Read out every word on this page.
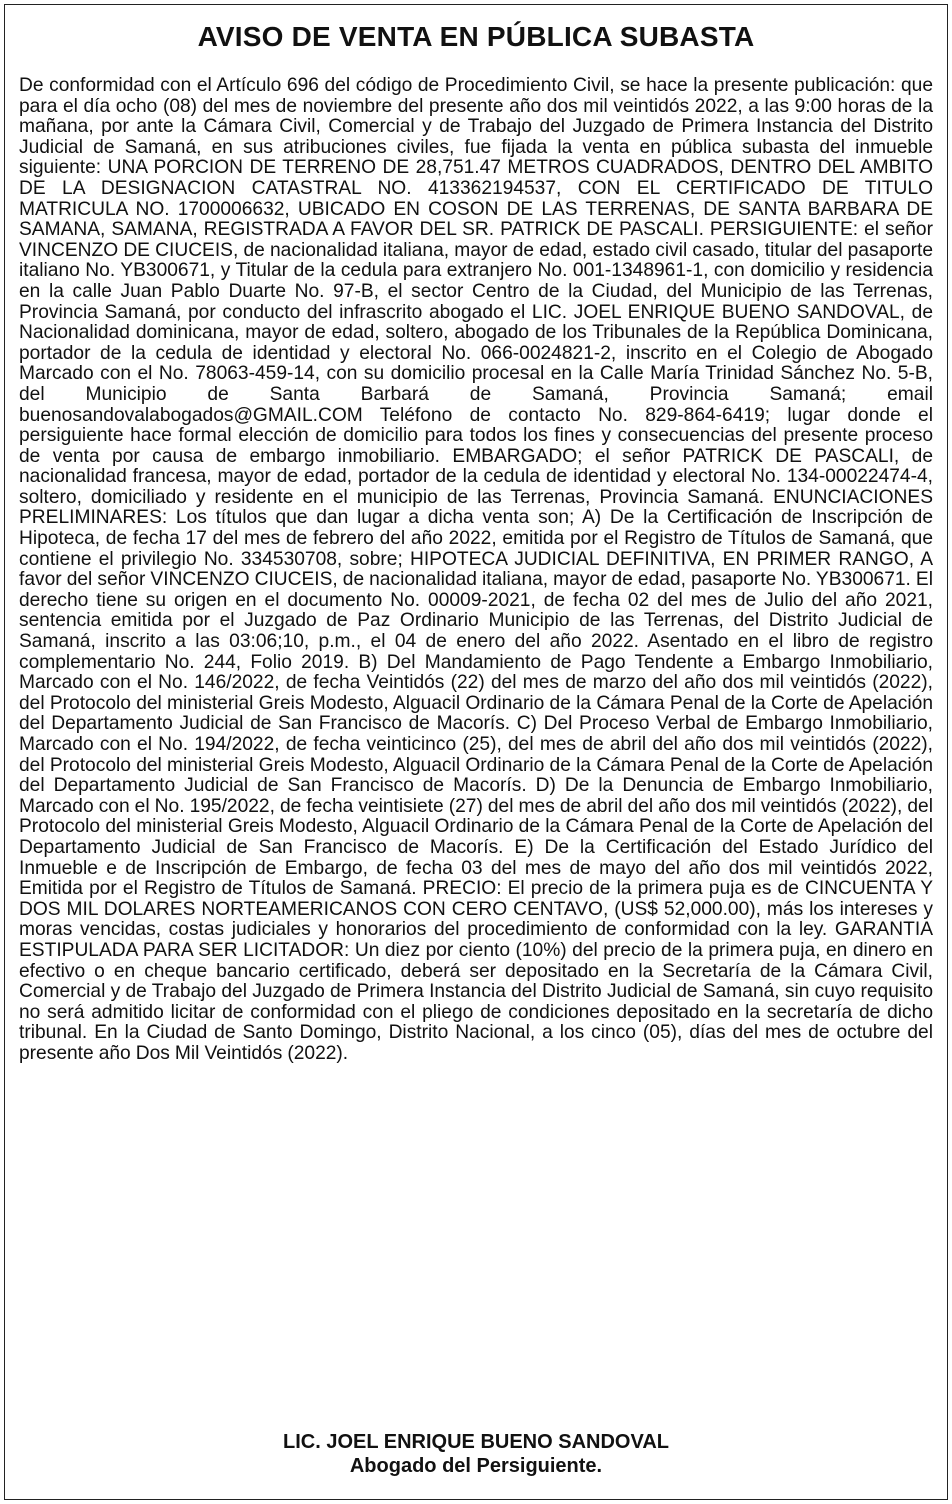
AVISO DE VENTA EN PÚBLICA SUBASTA
De conformidad con el Artículo 696 del código de Procedimiento Civil, se hace la presente publicación: que para el día ocho (08) del mes de noviembre del presente año dos mil veintidós 2022, a las 9:00 horas de la mañana, por ante la Cámara Civil, Comercial y de Trabajo del Juzgado de Primera Instancia del Distrito Judicial de Samaná, en sus atribuciones civiles, fue fijada la venta en pública subasta del inmueble siguiente: UNA PORCION DE TERRENO DE 28,751.47 METROS CUADRADOS, DENTRO DEL AMBITO DE LA DESIGNACION CATASTRAL NO. 413362194537, CON EL CERTIFICADO DE TITULO MATRICULA NO. 1700006632, UBICADO EN COSON DE LAS TERRENAS, DE SANTA BARBARA DE SAMANA, SAMANA, REGISTRADA A FAVOR DEL SR. PATRICK DE PASCALI. PERSIGUIENTE: el señor VINCENZO DE CIUCEIS, de nacionalidad italiana, mayor de edad, estado civil casado, titular del pasaporte italiano No. YB300671, y Titular de la cedula para extranjero No. 001-1348961-1, con domicilio y residencia en la calle Juan Pablo Duarte No. 97-B, el sector Centro de la Ciudad, del Municipio de las Terrenas, Provincia Samaná, por conducto del infrascrito abogado el LIC. JOEL ENRIQUE BUENO SANDOVAL, de Nacionalidad dominicana, mayor de edad, soltero, abogado de los Tribunales de la República Dominicana, portador de la cedula de identidad y electoral No. 066-0024821-2, inscrito en el Colegio de Abogado Marcado con el No. 78063-459-14, con su domicilio procesal en la Calle María Trinidad Sánchez No. 5-B, del Municipio de Santa Barbará de Samaná, Provincia Samaná; email buenosandovalabogados@GMAIL.COM Teléfono de contacto No. 829-864-6419; lugar donde el persiguiente hace formal elección de domicilio para todos los fines y consecuencias del presente proceso de venta por causa de embargo inmobiliario. EMBARGADO; el señor PATRICK DE PASCALI, de nacionalidad francesa, mayor de edad, portador de la cedula de identidad y electoral No. 134-00022474-4, soltero, domiciliado y residente en el municipio de las Terrenas, Provincia Samaná. ENUNCIACIONES PRELIMINARES: Los títulos que dan lugar a dicha venta son; A) De la Certificación de Inscripción de Hipoteca, de fecha 17 del mes de febrero del año 2022, emitida por el Registro de Títulos de Samaná, que contiene el privilegio No. 334530708, sobre; HIPOTECA JUDICIAL DEFINITIVA, EN PRIMER RANGO, A favor del señor VINCENZO CIUCEIS, de nacionalidad italiana, mayor de edad, pasaporte No. YB300671. El derecho tiene su origen en el documento No. 00009-2021, de fecha 02 del mes de Julio del año 2021, sentencia emitida por el Juzgado de Paz Ordinario Municipio de las Terrenas, del Distrito Judicial de Samaná, inscrito a las 03:06;10, p.m., el 04 de enero del año 2022. Asentado en el libro de registro complementario No. 244, Folio 2019. B) Del Mandamiento de Pago Tendente a Embargo Inmobiliario, Marcado con el No. 146/2022, de fecha Veintidós (22) del mes de marzo del año dos mil veintidós (2022), del Protocolo del ministerial Greis Modesto, Alguacil Ordinario de la Cámara Penal de la Corte de Apelación del Departamento Judicial de San Francisco de Macorís. C) Del Proceso Verbal de Embargo Inmobiliario, Marcado con el No. 194/2022, de fecha veinticinco (25), del mes de abril del año dos mil veintidós (2022), del Protocolo del ministerial Greis Modesto, Alguacil Ordinario de la Cámara Penal de la Corte de Apelación del Departamento Judicial de San Francisco de Macorís. D) De la Denuncia de Embargo Inmobiliario, Marcado con el No. 195/2022, de fecha veintisiete (27) del mes de abril del año dos mil veintidós (2022), del Protocolo del ministerial Greis Modesto, Alguacil Ordinario de la Cámara Penal de la Corte de Apelación del Departamento Judicial de San Francisco de Macorís. E) De la Certificación del Estado Jurídico del Inmueble e de Inscripción de Embargo, de fecha 03 del mes de mayo del año dos mil veintidós 2022, Emitida por el Registro de Títulos de Samaná. PRECIO: El precio de la primera puja es de CINCUENTA Y DOS MIL DOLARES NORTEAMERICANOS CON CERO CENTAVO, (US$ 52,000.00), más los intereses y moras vencidas, costas judiciales y honorarios del procedimiento de conformidad con la ley. GARANTIA ESTIPULADA PARA SER LICITADOR: Un diez por ciento (10%) del precio de la primera puja, en dinero en efectivo o en cheque bancario certificado, deberá ser depositado en la Secretaría de la Cámara Civil, Comercial y de Trabajo del Juzgado de Primera Instancia del Distrito Judicial de Samaná, sin cuyo requisito no será admitido licitar de conformidad con el pliego de condiciones depositado en la secretaría de dicho tribunal. En la Ciudad de Santo Domingo, Distrito Nacional, a los cinco (05), días del mes de octubre del presente año Dos Mil Veintidós (2022).
LIC. JOEL ENRIQUE BUENO SANDOVAL
Abogado del Persiguiente.
